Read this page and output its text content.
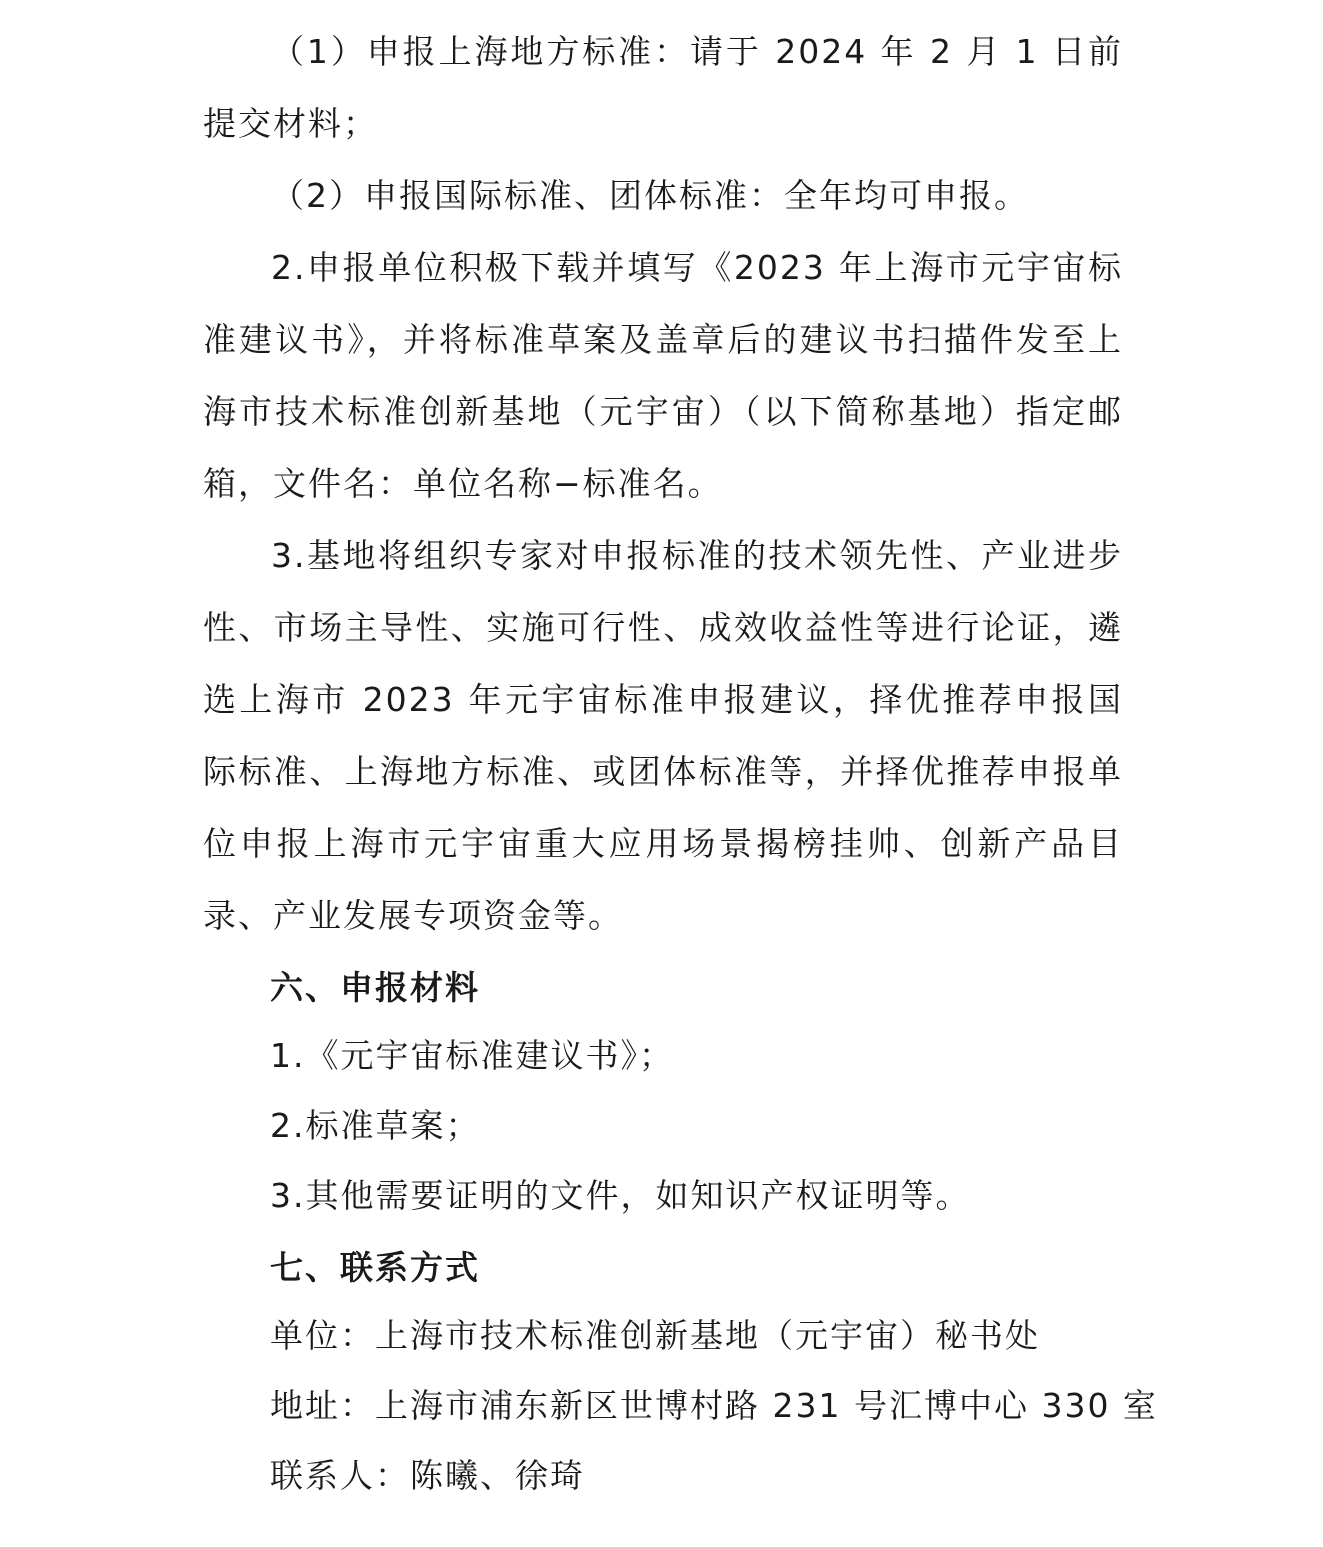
（1）申报上海地方标准：请于 2024 年 2 月 1 日前提交材料；

（2）申报国际标准、团体标准：全年均可申报。

2.申报单位积极下载并填写《2023 年上海市元宇宙标准建议书》，并将标准草案及盖章后的建议书扫描件发至上海市技术标准创新基地（元宇宙）（以下简称基地）指定邮箱，文件名：单位名称−标准名。

3.基地将组织专家对申报标准的技术领先性、产业进步性、市场主导性、实施可行性、成效收益性等进行论证，遴选上海市 2023 年元宇宙标准申报建议，择优推荐申报国际标准、上海地方标准、或团体标准等，并择优推荐申报单位申报上海市元宇宙重大应用场景揭榜挂帅、创新产品目录、产业发展专项资金等。

六、申报材料

1.《元宇宙标准建议书》；

2.标准草案；

3.其他需要证明的文件，如知识产权证明等。

七、联系方式

单位：上海市技术标准创新基地（元宇宙）秘书处

地址：上海市浦东新区世博村路 231 号汇博中心 330 室

联系人：陈曦、徐琦
